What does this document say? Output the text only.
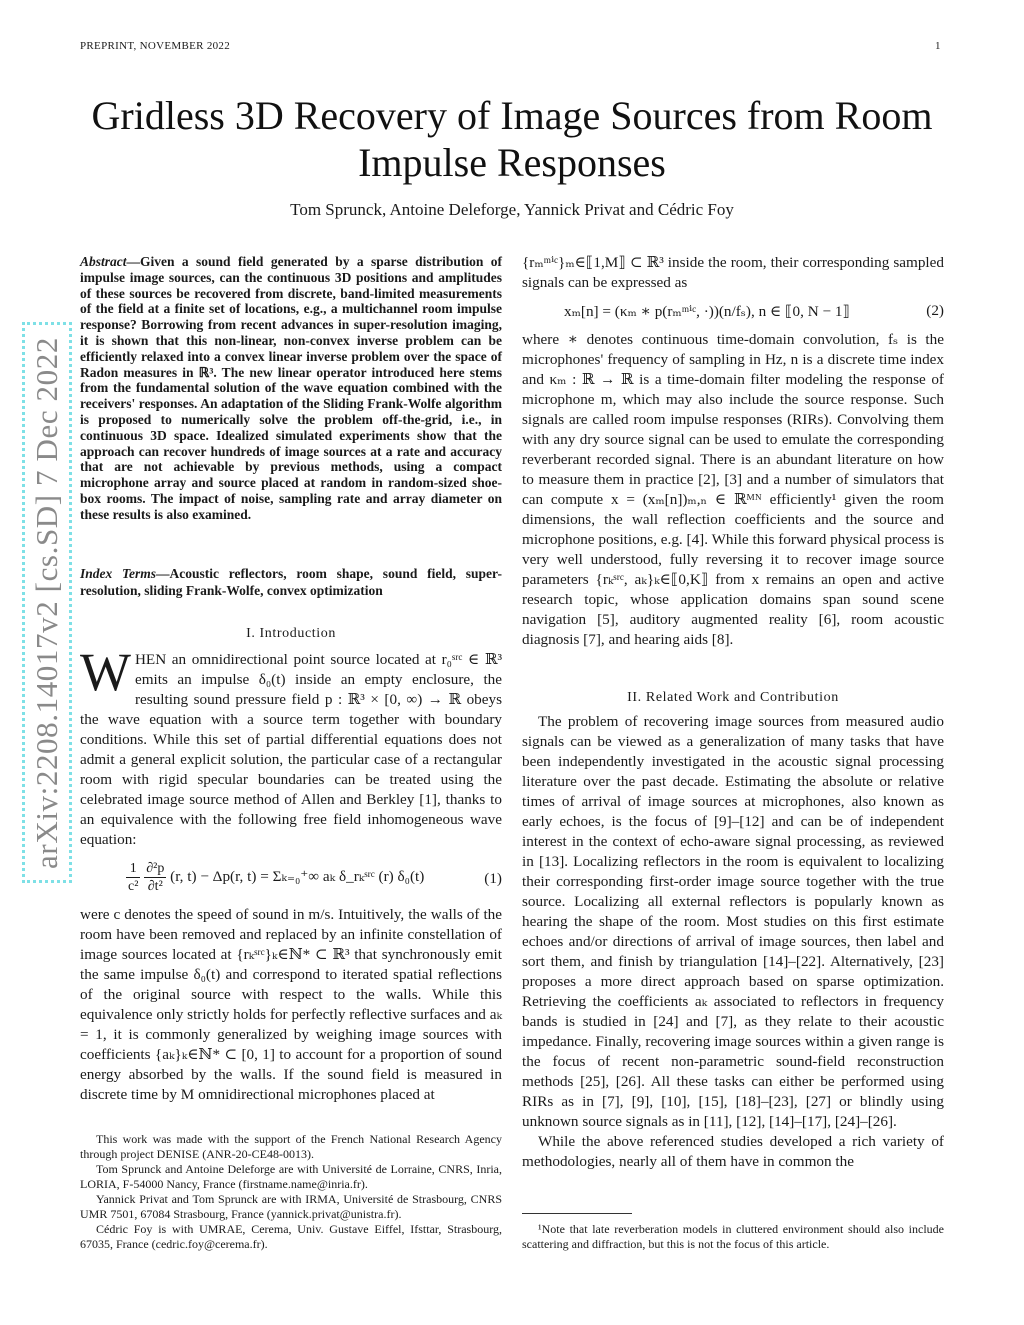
PREPRINT, NOVEMBER 2022	1
arXiv:2208.14017v2 [cs.SD] 7 Dec 2022
Gridless 3D Recovery of Image Sources from Room Impulse Responses
Tom Sprunck, Antoine Deleforge, Yannick Privat and Cédric Foy
Abstract—Given a sound field generated by a sparse distribution of impulse image sources, can the continuous 3D positions and amplitudes of these sources be recovered from discrete, band-limited measurements of the field at a finite set of locations, e.g., a multichannel room impulse response? Borrowing from recent advances in super-resolution imaging, it is shown that this non-linear, non-convex inverse problem can be efficiently relaxed into a convex linear inverse problem over the space of Radon measures in ℝ³. The new linear operator introduced here stems from the fundamental solution of the wave equation combined with the receivers' responses. An adaptation of the Sliding Frank-Wolfe algorithm is proposed to numerically solve the problem off-the-grid, i.e., in continuous 3D space. Idealized simulated experiments show that the approach can recover hundreds of image sources at a rate and accuracy that are not achievable by previous methods, using a compact microphone array and source placed at random in random-sized shoe-box rooms. The impact of noise, sampling rate and array diameter on these results is also examined.
Index Terms—Acoustic reflectors, room shape, sound field, super-resolution, sliding Frank-Wolfe, convex optimization
I. Introduction
WHEN an omnidirectional point source located at r₀ˢʳᶜ ∈ ℝ³ emits an impulse δ₀(t) inside an empty enclosure, the resulting sound pressure field p : ℝ³ × [0, ∞) → ℝ obeys the wave equation with a source term together with boundary conditions. While this set of partial differential equations does not admit a general explicit solution, the particular case of a rectangular room with rigid specular boundaries can be treated using the celebrated image source method of Allen and Berkley [1], thanks to an equivalence with the following free field inhomogeneous wave equation:
$\frac{1}{\text{c²}}$
$\frac{\text{∂²p}}{\text{∂t²}} (r$, t) − Δp(r, t) = Σₖ₌₀⁺∞ aₖ δ_rₖˢʳᶜ (r) δ₀(t)	(1)
were c denotes the speed of sound in m/s. Intuitively, the walls of the room have been removed and replaced by an infinite constellation of image sources located at {rₖˢʳᶜ}ₖ∈ℕ* ⊂ ℝ³ that synchronously emit the same impulse δ₀(t) and correspond to iterated spatial reflections of the original source with respect to the walls. While this equivalence only strictly holds for perfectly reflective surfaces and aₖ = 1, it is commonly generalized by weighing image sources with coefficients {aₖ}ₖ∈ℕ* ⊂ [0, 1] to account for a proportion of sound energy absorbed by the walls. If the sound field is measured in discrete time by M omnidirectional microphones placed at

This work was made with the support of the French National Research Agency through project DENISE (ANR-20-CE48-0013).

Tom Sprunck and Antoine Deleforge are with Université de Lorraine, CNRS, Inria, LORIA, F-54000 Nancy, France (firstname.name@inria.fr).

Yannick Privat and Tom Sprunck are with IRMA, Université de Strasbourg, CNRS UMR 7501, 67084 Strasbourg, France (yannick.privat@unistra.fr).

Cédric Foy is with UMRAE, Cerema, Univ. Gustave Eiffel, Ifsttar, Strasbourg, 67035, France (cedric.foy@cerema.fr).

{rₘᵐⁱᶜ}ₘ∈⟦1,M⟧ ⊂ ℝ³ inside the room, their corresponding sampled signals can be expressed as
xₘ[n] = (κₘ ∗ p(rₘᵐⁱᶜ, ·))(n/fₛ), n ∈ ⟦0, N − 1⟧	(2)
where ∗ denotes continuous time-domain convolution, fₛ is the microphones' frequency of sampling in Hz, n is a discrete time index and κₘ : ℝ → ℝ is a time-domain filter modeling the response of microphone m, which may also include the source response. Such signals are called room impulse responses (RIRs). Convolving them with any dry source signal can be used to emulate the corresponding reverberant recorded signal. There is an abundant literature on how to measure them in practice [2], [3] and a number of simulators that can compute x = (xₘ[n])ₘ,ₙ ∈ ℝᴹᴺ efficiently¹ given the room dimensions, the wall reflection coefficients and the source and microphone positions, e.g. [4]. While this forward physical process is very well understood, fully reversing it to recover image source parameters {rₖˢʳᶜ, aₖ}ₖ∈⟦0,K⟧ from x remains an open and active research topic, whose application domains span sound scene navigation [5], auditory augmented reality [6], room acoustic diagnosis [7], and hearing aids [8].
II. Related Work and Contribution

The problem of recovering image sources from measured audio signals can be viewed as a generalization of many tasks that have been independently investigated in the acoustic signal processing literature over the past decade. Estimating the absolute or relative times of arrival of image sources at microphones, also known as early echoes, is the focus of [9]–[12] and can be of independent interest in the context of echo-aware signal processing, as reviewed in [13]. Localizing reflectors in the room is equivalent to localizing their corresponding first-order image source together with the true source. Localizing all external reflectors is popularly known as hearing the shape of the room. Most studies on this first estimate echoes and/or directions of arrival of image sources, then label and sort them, and finish by triangulation [14]–[22]. Alternatively, [23] proposes a more direct approach based on sparse optimization. Retrieving the coefficients aₖ associated to reflectors in frequency bands is studied in [24] and [7], as they relate to their acoustic impedance. Finally, recovering image sources within a given range is the focus of recent non-parametric sound-field reconstruction methods [25], [26]. All these tasks can either be performed using RIRs as in [7], [9], [10], [15], [18]–[23], [27] or blindly using unknown source signals as in [11], [12], [14]–[17], [24]–[26].

While the above referenced studies developed a rich variety of methodologies, nearly all of them have in common the

¹Note that late reverberation models in cluttered environment should also include scattering and diffraction, but this is not the focus of this article.
